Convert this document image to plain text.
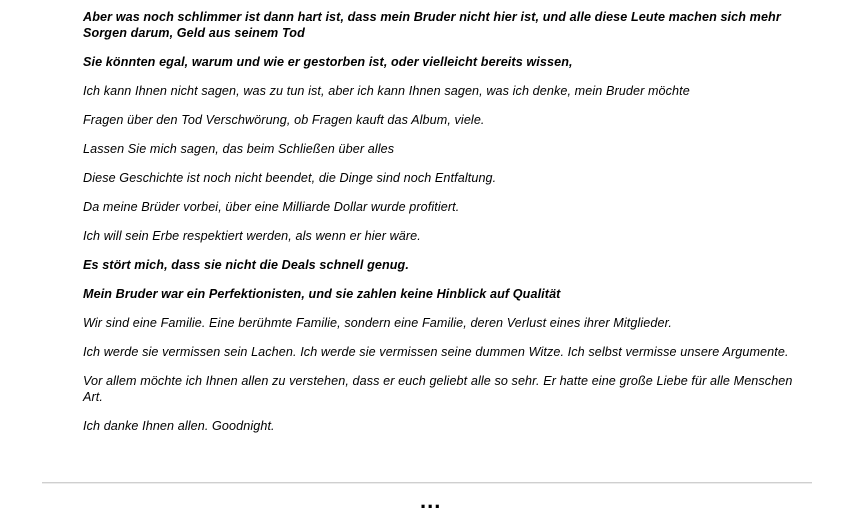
Aber was noch schlimmer ist dann hart ist, dass mein Bruder nicht hier ist, und alle diese Leute machen sich mehr Sorgen darum, Geld aus seinem Tod

Sie könnten egal, warum und wie er gestorben ist, oder vielleicht bereits wissen,

Ich kann Ihnen nicht sagen, was zu tun ist, aber ich kann Ihnen sagen, was ich denke, mein Bruder möchte

Fragen über den Tod Verschwörung, ob Fragen kauft das Album, viele.

Lassen Sie mich sagen, das beim Schließen über alles

Diese Geschichte ist noch nicht beendet, die Dinge sind noch Entfaltung.

Da meine Brüder vorbei, über eine Milliarde Dollar wurde profitiert.

Ich will sein Erbe respektiert werden, als wenn er hier wäre.

Es stört mich, dass sie nicht die Deals schnell genug.

Mein Bruder war ein Perfektionisten, und sie zahlen keine Hinblick auf Qualität

Wir sind eine Familie. Eine berühmte Familie, sondern eine Familie, deren Verlust eines ihrer Mitglieder.

Ich werde sie vermissen sein Lachen. Ich werde sie vermissen seine dummen Witze. Ich selbst vermisse unsere Argumente.

Vor allem möchte ich Ihnen allen zu verstehen, dass er euch geliebt alle so sehr. Er hatte eine große Liebe für alle Menschen Art.

Ich danke Ihnen allen. Goodnight.

...
